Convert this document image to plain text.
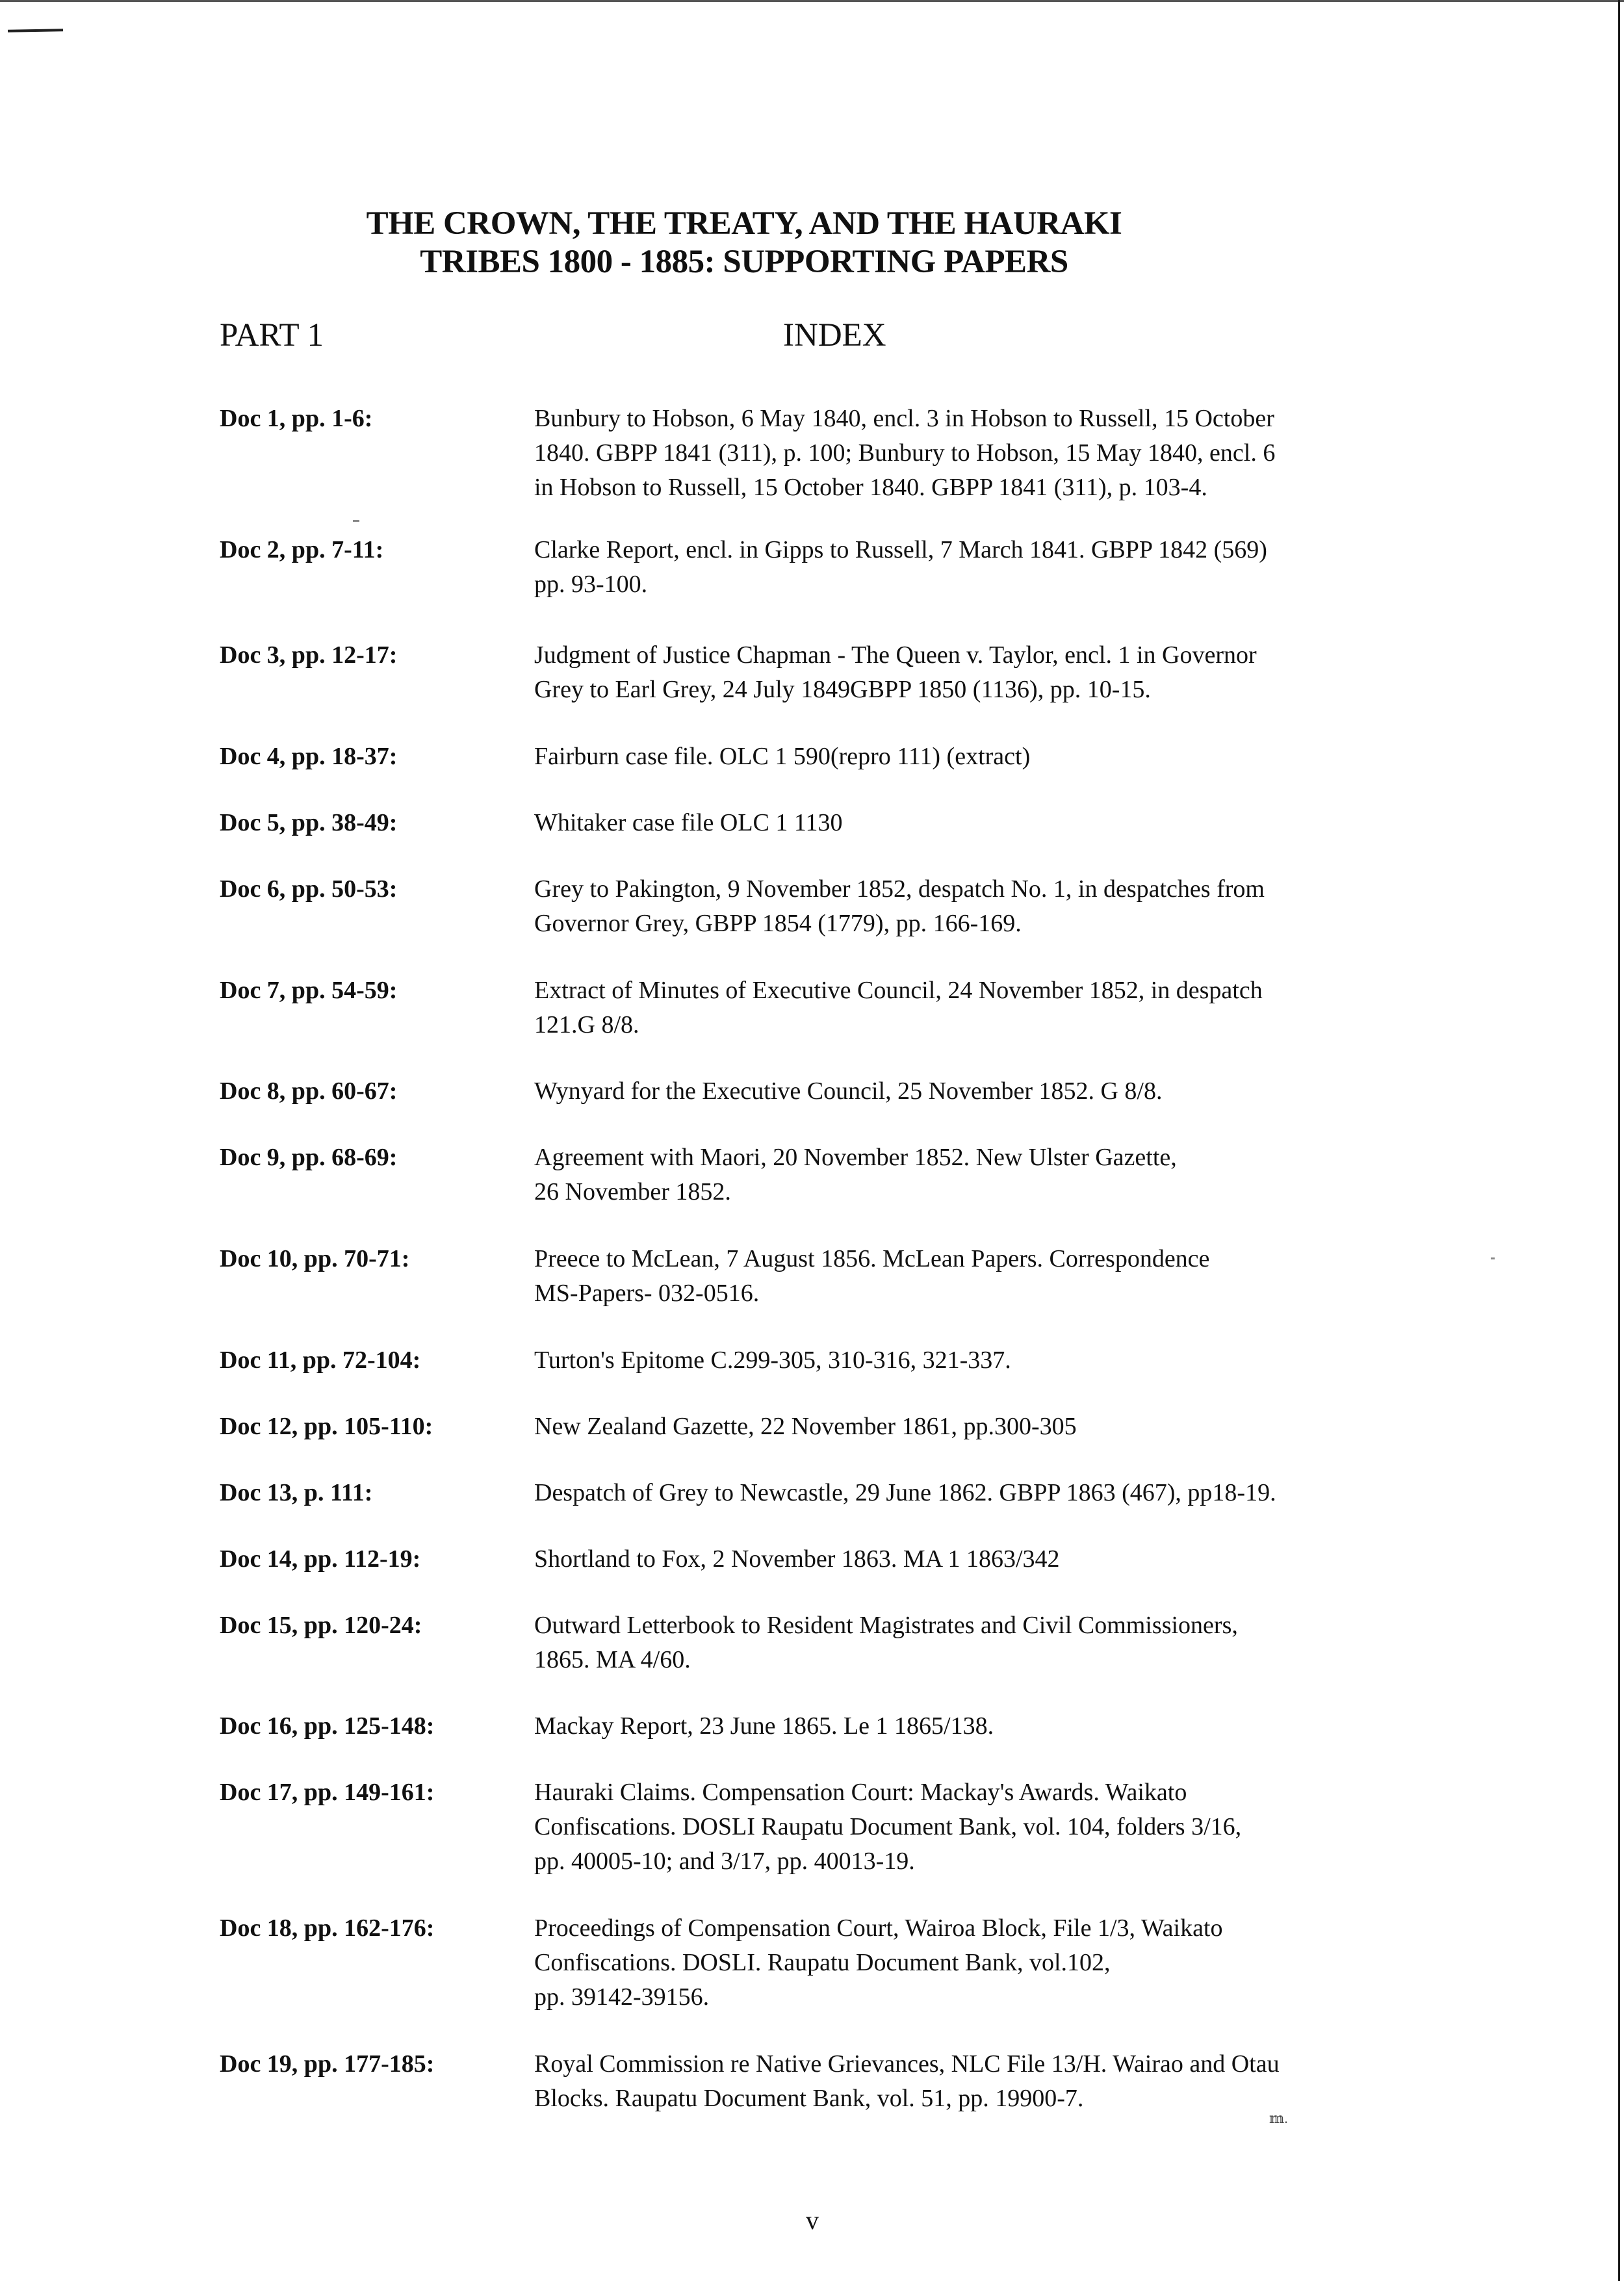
THE CROWN, THE TREATY, AND THE HAURAKI
TRIBES 1800 - 1885: SUPPORTING PAPERS
PART 1	INDEX
Doc 1, pp. 1-6:	Bunbury to Hobson, 6 May 1840, encl. 3 in Hobson to Russell, 15 October
1840. GBPP 1841 (311), p. 100; Bunbury to Hobson, 15 May 1840, encl. 6
in Hobson to Russell, 15 October 1840. GBPP 1841 (311), p. 103-4.
Doc 2, pp. 7-11:	Clarke Report, encl. in Gipps to Russell, 7 March 1841. GBPP 1842 (569)
pp. 93-100.
Doc 3, pp. 12-17:	Judgment of Justice Chapman - The Queen v. Taylor, encl. 1 in Governor
Grey to Earl Grey, 24 July 1849GBPP 1850 (1136), pp. 10-15.
Doc 4, pp. 18-37:	Fairburn case file. OLC 1 590(repro 111) (extract)
Doc 5, pp. 38-49:	Whitaker case file OLC 1 1130
Doc 6, pp. 50-53:	Grey to Pakington, 9 November 1852, despatch No. 1, in despatches from
Governor Grey, GBPP 1854 (1779), pp. 166-169.
Doc 7, pp. 54-59:	Extract of Minutes of Executive Council, 24 November 1852, in despatch
121.G 8/8.
Doc 8, pp. 60-67:	Wynyard for the Executive Council, 25 November 1852. G 8/8.
Doc 9, pp. 68-69:	Agreement with Maori, 20 November 1852. New Ulster Gazette,
26 November 1852.
Doc 10, pp. 70-71:	Preece to McLean, 7 August 1856. McLean Papers. Correspondence
MS-Papers- 032-0516.
Doc 11, pp. 72-104:	Turton's Epitome C.299-305, 310-316, 321-337.
Doc 12, pp. 105-110:	New Zealand Gazette, 22 November 1861, pp.300-305
Doc 13, p. 111:	Despatch of Grey to Newcastle, 29 June 1862. GBPP 1863 (467), pp18-19.
Doc 14, pp. 112-19:	Shortland to Fox, 2 November 1863. MA 1 1863/342
Doc 15, pp. 120-24:	Outward Letterbook to Resident Magistrates and Civil Commissioners,
1865. MA 4/60.
Doc 16, pp. 125-148:	Mackay Report, 23 June 1865. Le 1 1865/138.
Doc 17, pp. 149-161:	Hauraki Claims. Compensation Court: Mackay's Awards. Waikato
Confiscations. DOSLI Raupatu Document Bank, vol. 104, folders 3/16,
pp. 40005-10; and 3/17, pp. 40013-19.
Doc 18, pp. 162-176:	Proceedings of Compensation Court, Wairoa Block, File 1/3, Waikato
Confiscations. DOSLI. Raupatu Document Bank, vol.102,
pp. 39142-39156.
Doc 19, pp. 177-185:	Royal Commission re Native Grievances, NLC File 13/H. Wairao and Otau
Blocks. Raupatu Document Bank, vol. 51, pp. 19900-7.
𝕞.
v
